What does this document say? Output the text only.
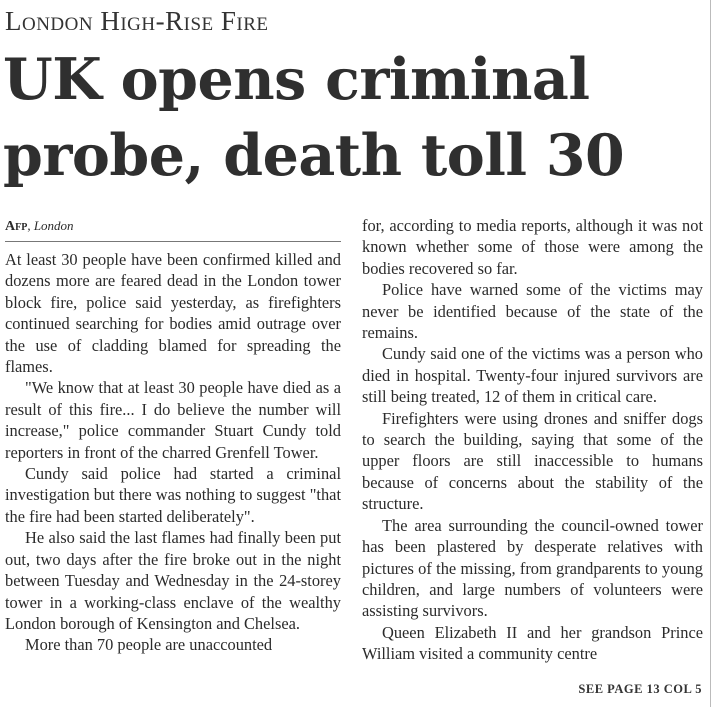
London High-Rise Fire
UK opens criminal
probe, death toll 30
Afp, London

At least 30 people have been confirmed killed and dozens more are feared dead in the London tower block fire, police said yesterday, as firefighters continued searching for bodies amid outrage over the use of cladding blamed for spreading the flames.

"We know that at least 30 people have died as a result of this fire... I do believe the number will increase," police commander Stuart Cundy told reporters in front of the charred Grenfell Tower.

Cundy said police had started a criminal investigation but there was nothing to suggest "that the fire had been started deliberately".

He also said the last flames had finally been put out, two days after the fire broke out in the night between Tuesday and Wednesday in the 24-storey tower in a working-class enclave of the wealthy London borough of Kensington and Chelsea.

More than 70 people are unaccounted

for, according to media reports, although it was not known whether some of those were among the bodies recovered so far.

Police have warned some of the victims may never be identified because of the state of the remains.

Cundy said one of the victims was a person who died in hospital. Twenty-four injured survivors are still being treated, 12 of them in critical care.

Firefighters were using drones and sniffer dogs to search the building, saying that some of the upper floors are still inaccessible to humans because of concerns about the stability of the structure.

The area surrounding the council-owned tower has been plastered by desperate relatives with pictures of the missing, from grandparents to young children, and large numbers of volunteers were assisting survivors.

Queen Elizabeth II and her grandson Prince William visited a community centre

SEE PAGE 13 COL 5
